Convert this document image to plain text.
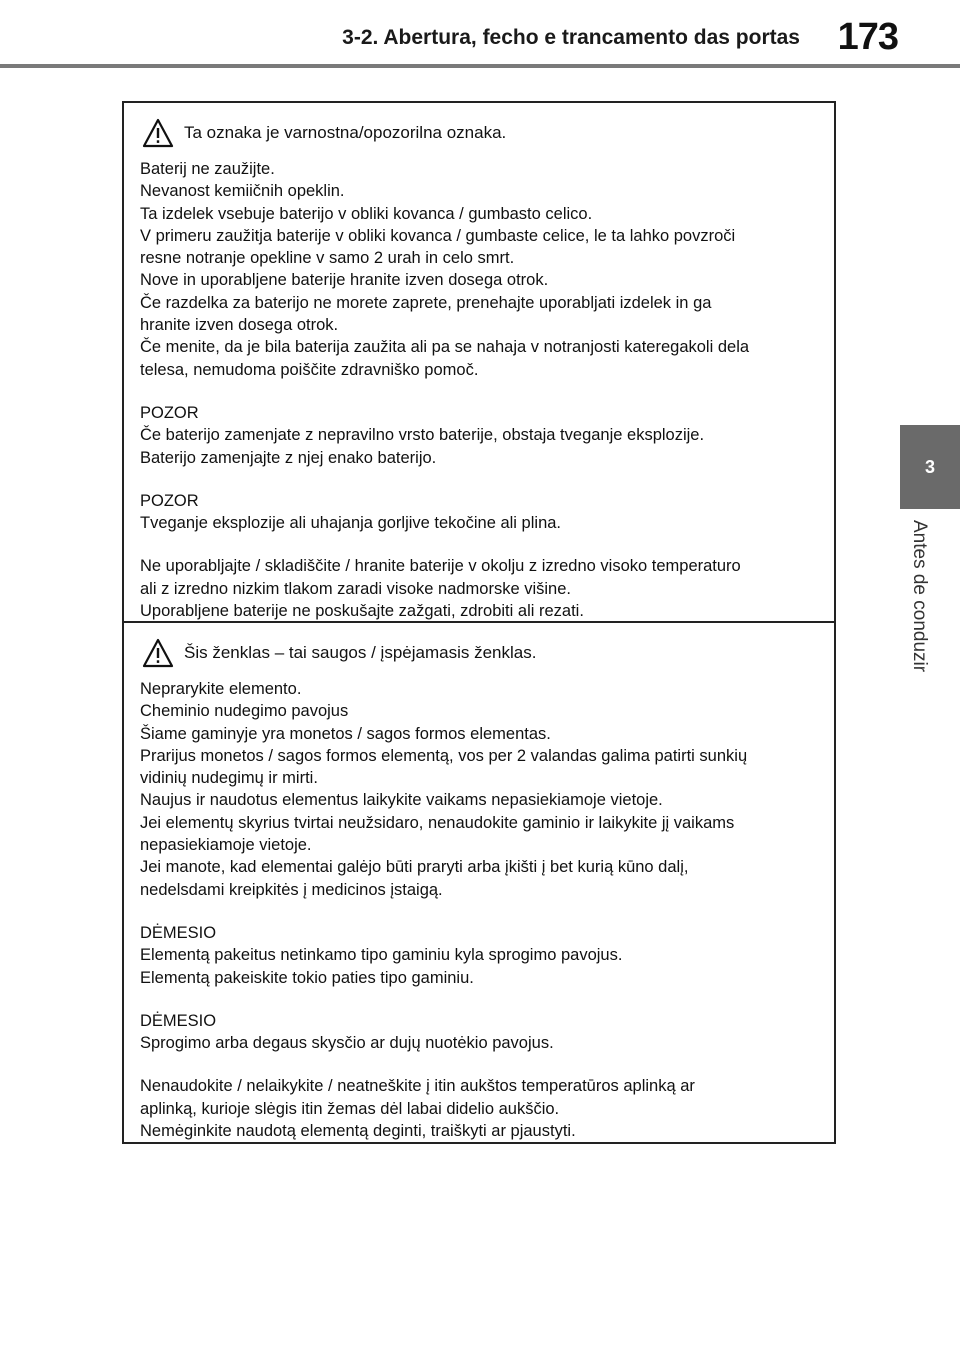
3-2. Abertura, fecho e trancamento das portas 173
3
Antes de conduzir
Ta oznaka je varnostna/opozorilna oznaka.

Baterij ne zaužijte.

Nevanost kemiičnih opeklin.

Ta izdelek vsebuje baterijo v obliki kovanca / gumbasto celico.

V primeru zaužitja baterije v obliki kovanca / gumbaste celice, le ta lahko povzroči

resne notranje opekline v samo 2 urah in celo smrt.

Nove in uporabljene baterije hranite izven dosega otrok.

Če razdelka za baterijo ne morete zaprete, prenehajte uporabljati izdelek in ga

hranite izven dosega otrok.

Če menite, da je bila baterija zaužita ali pa se nahaja v notranjosti kateregakoli dela

telesa, nemudoma poiščite zdravniško pomoč.

POZOR

Če baterijo zamenjate z nepravilno vrsto baterije, obstaja tveganje eksplozije.

Baterijo zamenjajte z njej enako baterijo.

POZOR

Tveganje eksplozije ali uhajanja gorljive tekočine ali plina.

Ne uporabljajte / skladiščite / hranite baterije v okolju z izredno visoko temperaturo

ali z izredno nizkim tlakom zaradi visoke nadmorske višine.

Uporabljene baterije ne poskušajte zažgati, zdrobiti ali rezati.

Šis ženklas – tai saugos / įspėjamasis ženklas.

Neprarykite elemento.

Cheminio nudegimo pavojus

Šiame gaminyje yra monetos / sagos formos elementas.

Prarijus monetos / sagos formos elementą, vos per 2 valandas galima patirti sunkių

vidinių nudegimų ir mirti.

Naujus ir naudotus elementus laikykite vaikams nepasiekiamoje vietoje.

Jei elementų skyrius tvirtai neužsidaro, nenaudokite gaminio ir laikykite jį vaikams

nepasiekiamoje vietoje.

Jei manote, kad elementai galėjo būti praryti arba įkišti į bet kurią kūno dalį,

nedelsdami kreipkitės į medicinos įstaigą.

DĖMESIO

Elementą pakeitus netinkamo tipo gaminiu kyla sprogimo pavojus.

Elementą pakeiskite tokio paties tipo gaminiu.

DĖMESIO

Sprogimo arba degaus skysčio ar dujų nuotėkio pavojus.

Nenaudokite / nelaikykite / neatneškite į itin aukštos temperatūros aplinką ar

aplinką, kurioje slėgis itin žemas dėl labai didelio aukščio.

Nemėginkite naudotą elementą deginti, traiškyti ar pjaustyti.
